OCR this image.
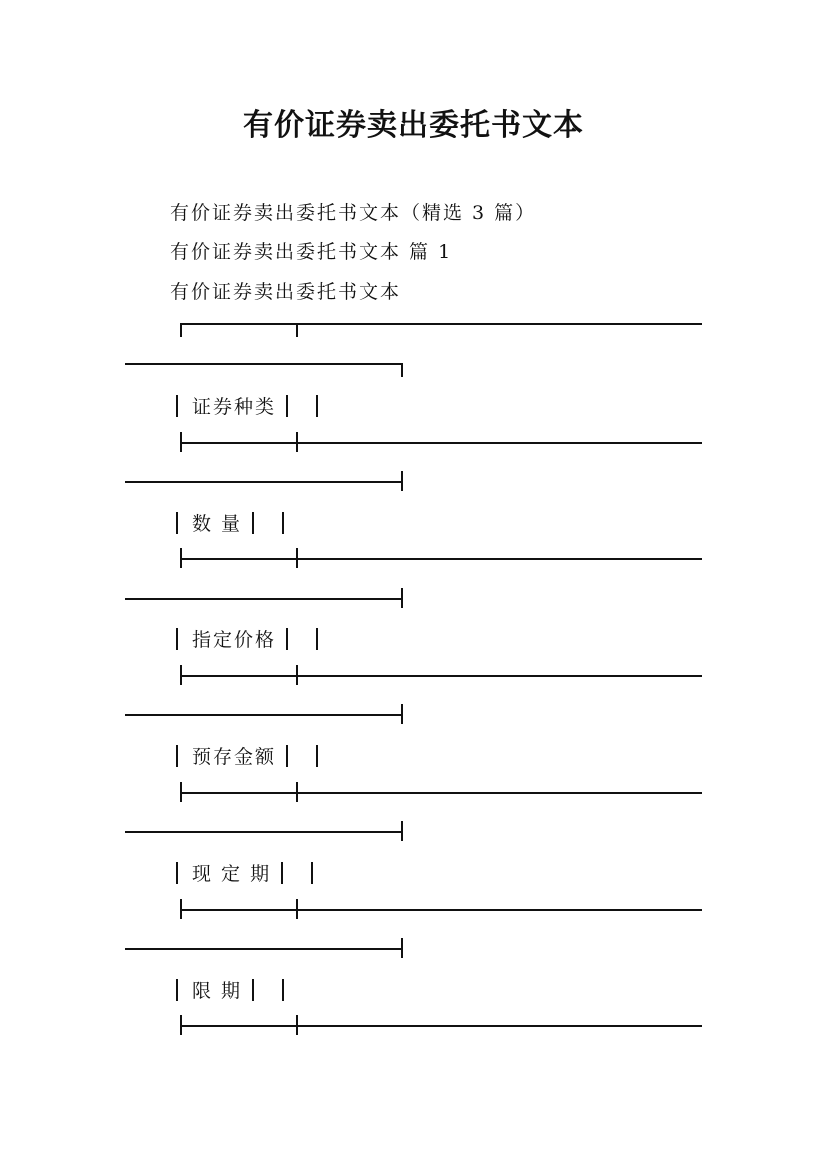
有价证券卖出委托书文本
有价证券卖出委托书文本（精选 3 篇）
有价证券卖出委托书文本 篇 1
有价证券卖出委托书文本
证券种类
数 量
指定价格
预存金额
现 定 期
限 期
